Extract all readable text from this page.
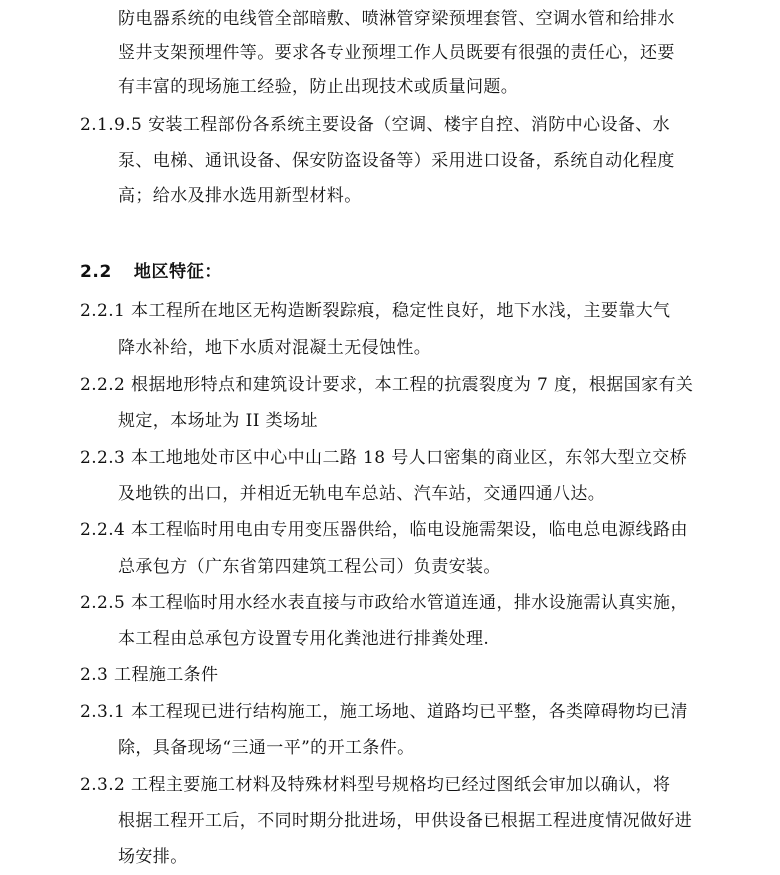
防电器系统的电线管全部暗敷、喷淋管穿梁预埋套管、空调水管和给排水
竖井支架预埋件等。要求各专业预埋工作人员既要有很强的责任心，还要
有丰富的现场施工经验，防止出现技术或质量问题。
2.1.9.5 安装工程部份各系统主要设备（空调、楼宇自控、消防中心设备、水
泵、电梯、通讯设备、保安防盗设备等）采用进口设备，系统自动化程度
高；给水及排水选用新型材料。
2.2 地区特征：
2.2.1 本工程所在地区无构造断裂踪痕，稳定性良好，地下水浅，主要靠大气
降水补给，地下水质对混凝土无侵蚀性。
2.2.2 根据地形特点和建筑设计要求，本工程的抗震裂度为 7 度，根据国家有关
规定，本场址为 II 类场址
2.2.3 本工地地处市区中心中山二路 18 号人口密集的商业区，东邻大型立交桥
及地铁的出口，并相近无轨电车总站、汽车站，交通四通八达。
2.2.4 本工程临时用电由专用变压器供给，临电设施需架设，临电总电源线路由
总承包方（广东省第四建筑工程公司）负责安装。
2.2.5 本工程临时用水经水表直接与市政给水管道连通，排水设施需认真实施，
本工程由总承包方设置专用化粪池进行排粪处理.
2.3 工程施工条件
2.3.1 本工程现已进行结构施工，施工场地、道路均已平整，各类障碍物均已清
除，具备现场“三通一平”的开工条件。
2.3.2 工程主要施工材料及特殊材料型号规格均已经过图纸会审加以确认，将
根据工程开工后，不同时期分批进场，甲供设备已根据工程进度情况做好进
场安排。
